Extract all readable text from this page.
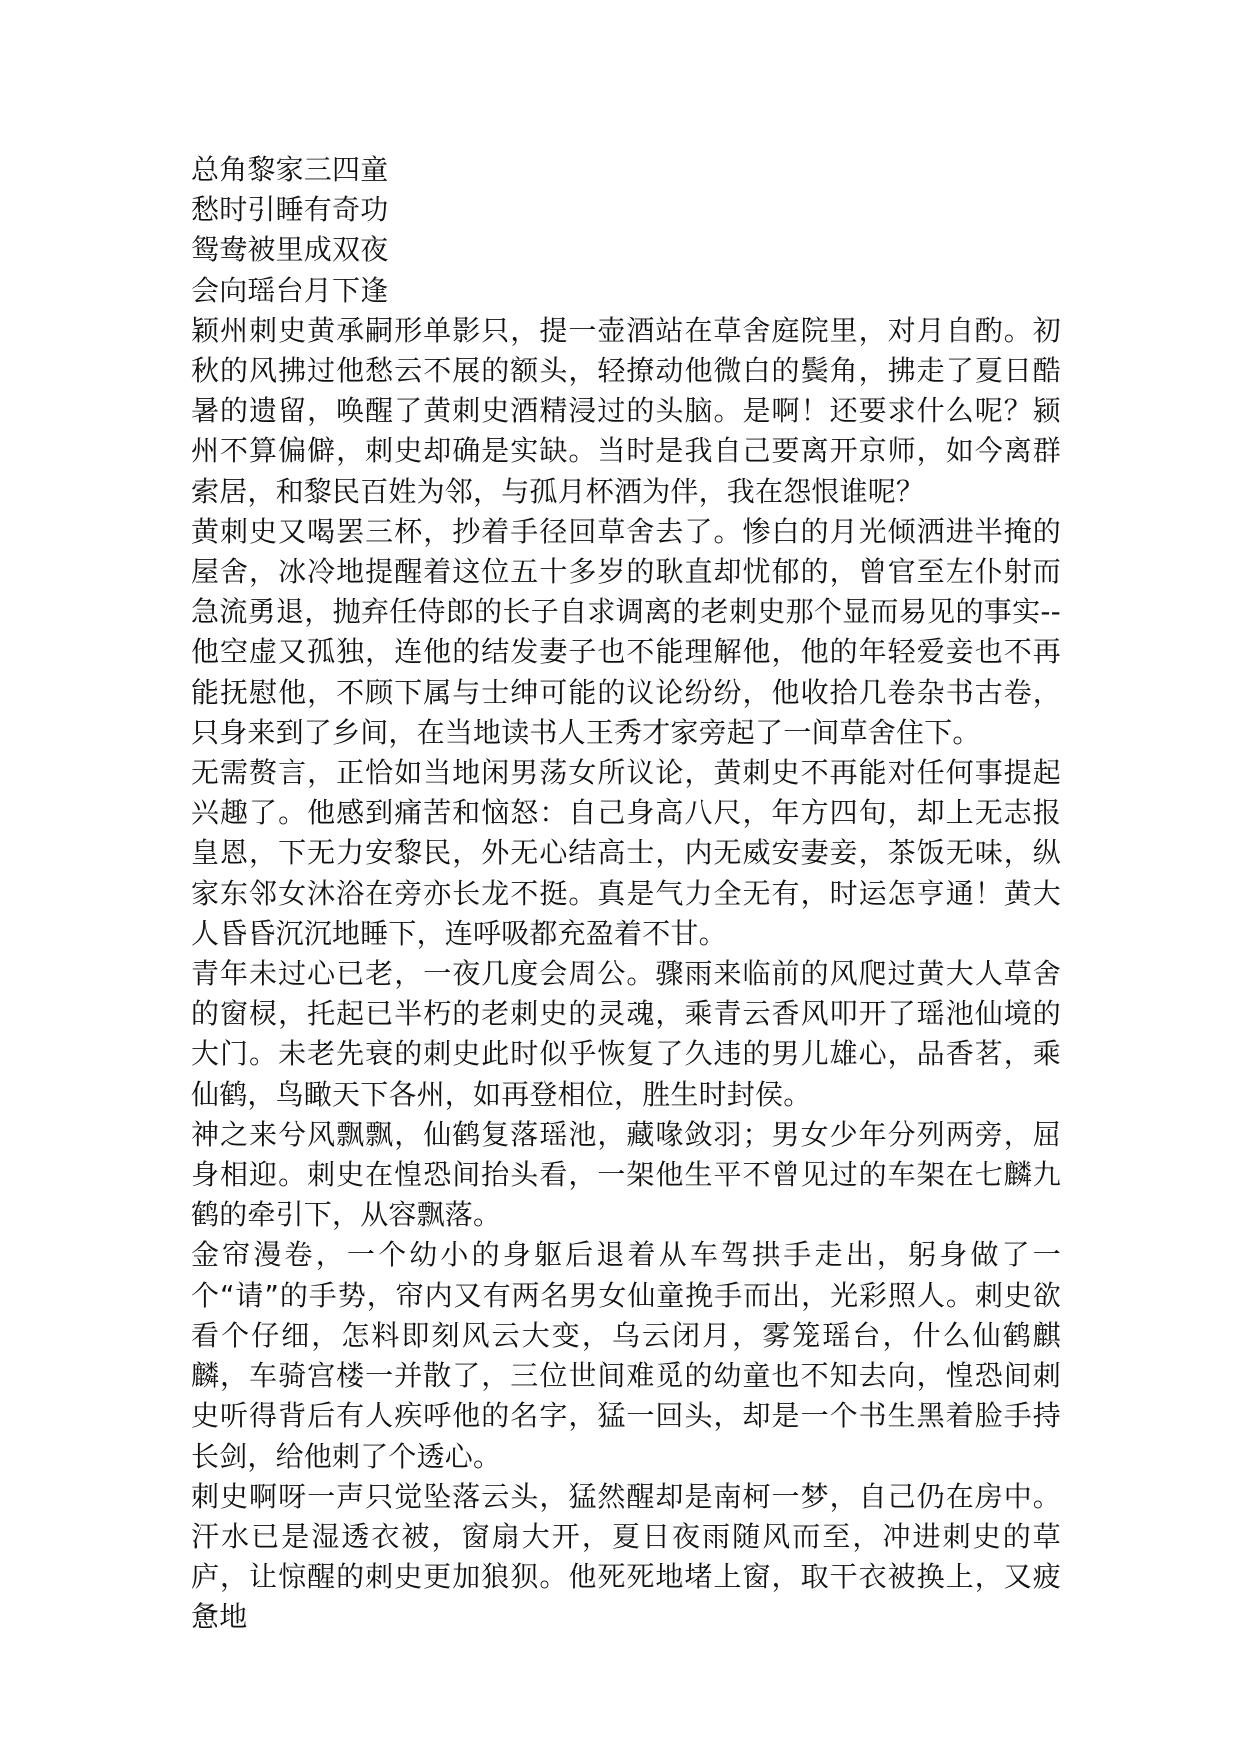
总角黎家三四童
愁时引睡有奇功
鸳鸯被里成双夜
会向瑶台月下逢

颖州刺史黄承嗣形单影只，提一壶酒站在草舍庭院里，对月自酌。初秋的风拂过他愁云不展的额头，轻撩动他微白的鬓角，拂走了夏日酷暑的遗留，唤醒了黄刺史酒精浸过的头脑。是啊！还要求什么呢？颍州不算偏僻，刺史却确是实缺。当时是我自己要离开京师，如今离群索居，和黎民百姓为邻，与孤月杯酒为伴，我在怨恨谁呢？

黄刺史又喝罢三杯，抄着手径回草舍去了。惨白的月光倾洒进半掩的屋舍，冰冷地提醒着这位五十多岁的耿直却忧郁的，曾官至左仆射而急流勇退，抛弃任侍郎的长子自求调离的老刺史那个显而易见的事实--他空虚又孤独，连他的结发妻子也不能理解他，他的年轻爱妾也不再能抚慰他，不顾下属与士绅可能的议论纷纷，他收拾几卷杂书古卷，只身来到了乡间，在当地读书人王秀才家旁起了一间草舍住下。

无需赘言，正恰如当地闲男荡女所议论，黄刺史不再能对任何事提起兴趣了。他感到痛苦和恼怒：自己身高八尺，年方四旬，却上无志报皇恩，下无力安黎民，外无心结高士，内无威安妻妾，茶饭无味，纵家东邻女沐浴在旁亦长龙不挺。真是气力全无有，时运怎亨通！黄大人昏昏沉沉地睡下，连呼吸都充盈着不甘。

青年未过心已老，一夜几度会周公。骤雨来临前的风爬过黄大人草舍的窗棂，托起已半朽的老刺史的灵魂，乘青云香风叩开了瑶池仙境的大门。未老先衰的刺史此时似乎恢复了久违的男儿雄心，品香茗，乘仙鹤，鸟瞰天下各州，如再登相位，胜生时封侯。

神之来兮风飘飘，仙鹤复落瑶池，藏喙敛羽；男女少年分列两旁，屈身相迎。刺史在惶恐间抬头看，一架他生平不曾见过的车架在七麟九鹤的牵引下，从容飘落。

金帘漫卷，一个幼小的身躯后退着从车驾拱手走出，躬身做了一个“请”的手势，帘内又有两名男女仙童挽手而出，光彩照人。刺史欲看个仔细，怎料即刻风云大变，乌云闭月，雾笼瑶台，什么仙鹤麒麟，车骑宫楼一并散了，三位世间难觅的幼童也不知去向，惶恐间刺史听得背后有人疾呼他的名字，猛一回头，却是一个书生黑着脸手持长剑，给他刺了个透心。

刺史啊呀一声只觉坠落云头，猛然醒却是南柯一梦，自己仍在房中。汗水已是湿透衣被，窗扇大开，夏日夜雨随风而至，冲进刺史的草庐，让惊醒的刺史更加狼狈。他死死地堵上窗，取干衣被换上，又疲惫地
